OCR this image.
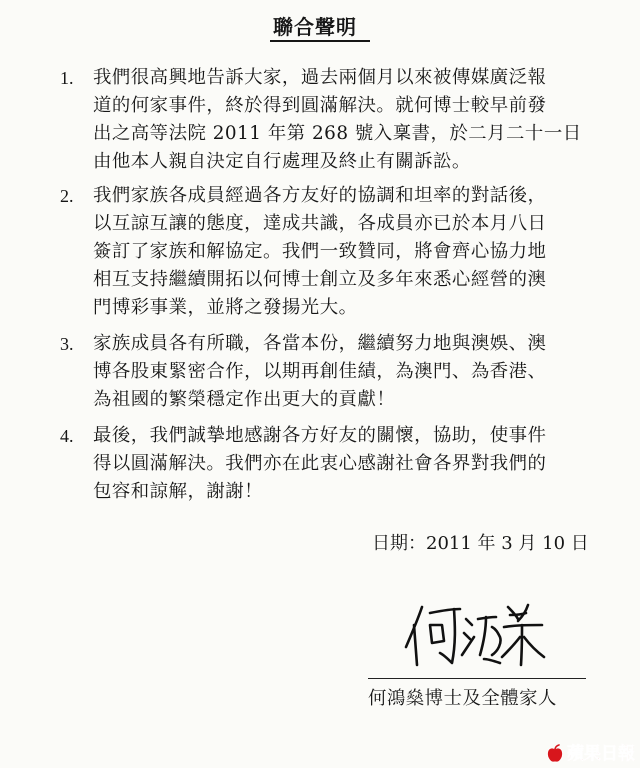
聯合聲明
1. 我們很高興地告訴大家，過去兩個月以來被傳媒廣泛報
道的何家事件，終於得到圓滿解決。就何博士較早前發
出之高等法院 2011 年第 268 號入稟書，於二月二十一日
由他本人親自決定自行處理及終止有關訴訟。
2. 我們家族各成員經過各方友好的協調和坦率的對話後，
以互諒互讓的態度，達成共識，各成員亦已於本月八日
簽訂了家族和解協定。我們一致贊同，將會齊心協力地
相互支持繼續開拓以何博士創立及多年來悉心經營的澳
門博彩事業，並將之發揚光大。
3. 家族成員各有所職，各當本份，繼續努力地與澳娛、澳
博各股東緊密合作，以期再創佳績，為澳門、為香港、
為祖國的繁榮穩定作出更大的貢獻！
4. 最後，我們誠摯地感謝各方好友的關懷，協助，使事件
得以圓滿解決。我們亦在此衷心感謝社會各界對我們的
包容和諒解，謝謝！
日期：2011 年 3 月 10 日
何鴻燊博士及全體家人
蘋果日報
